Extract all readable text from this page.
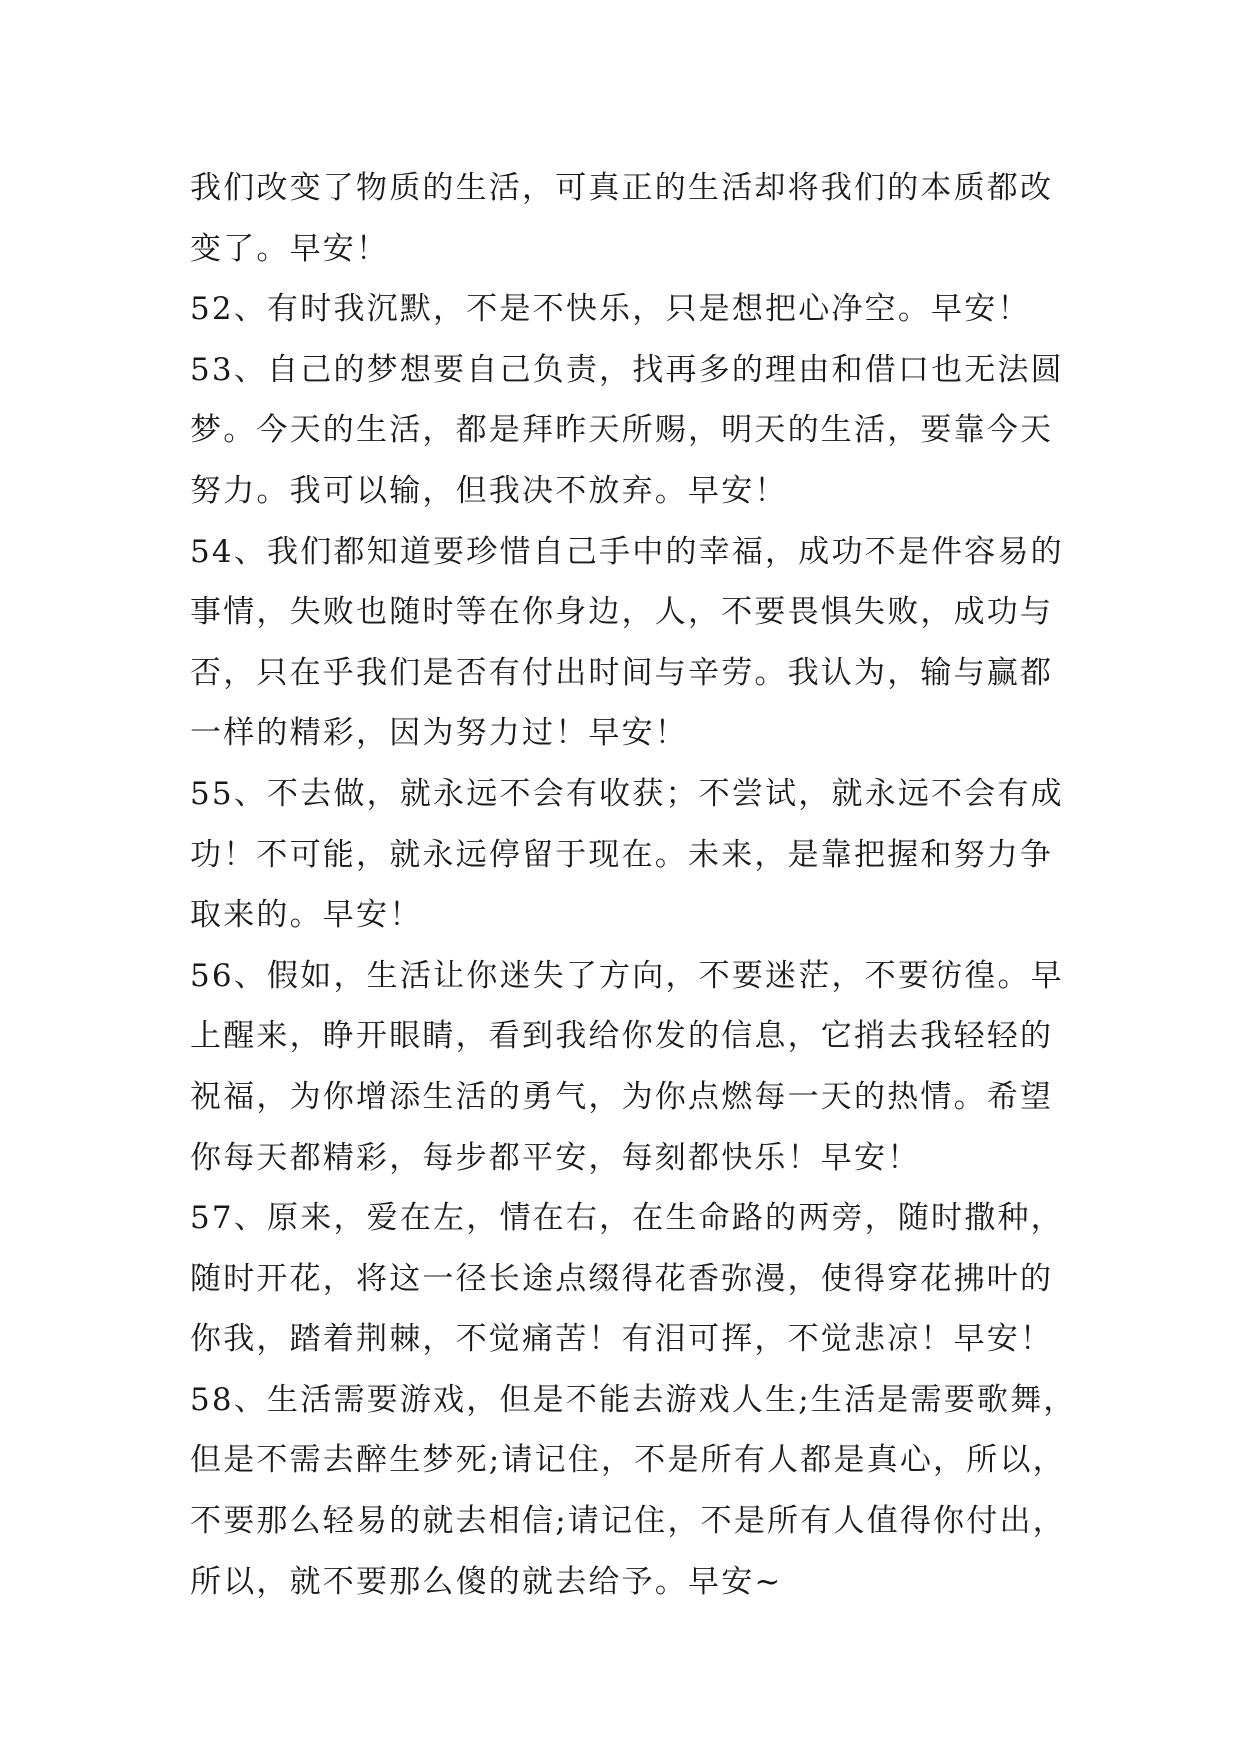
我们改变了物质的生活，可真正的生活却将我们的本质都改
变了。早安！
52、有时我沉默，不是不快乐，只是想把心净空。早安！
53、自己的梦想要自己负责，找再多的理由和借口也无法圆
梦。今天的生活，都是拜昨天所赐，明天的生活，要靠今天
努力。我可以输，但我决不放弃。早安！
54、我们都知道要珍惜自己手中的幸福，成功不是件容易的
事情，失败也随时等在你身边，人，不要畏惧失败，成功与
否，只在乎我们是否有付出时间与辛劳。我认为，输与赢都
一样的精彩，因为努力过！早安！
55、不去做，就永远不会有收获；不尝试，就永远不会有成
功！不可能，就永远停留于现在。未来，是靠把握和努力争
取来的。早安！
56、假如，生活让你迷失了方向，不要迷茫，不要彷徨。早
上醒来，睁开眼睛，看到我给你发的信息，它捎去我轻轻的
祝福，为你增添生活的勇气，为你点燃每一天的热情。希望
你每天都精彩，每步都平安，每刻都快乐！早安！
57、原来，爱在左，情在右，在生命路的两旁，随时撒种，
随时开花，将这一径长途点缀得花香弥漫，使得穿花拂叶的
你我，踏着荆棘，不觉痛苦！有泪可挥，不觉悲凉！早安！
58、生活需要游戏，但是不能去游戏人生;生活是需要歌舞，
但是不需去醉生梦死;请记住，不是所有人都是真心，所以，
不要那么轻易的就去相信;请记住，不是所有人值得你付出，
所以，就不要那么傻的就去给予。早安~
